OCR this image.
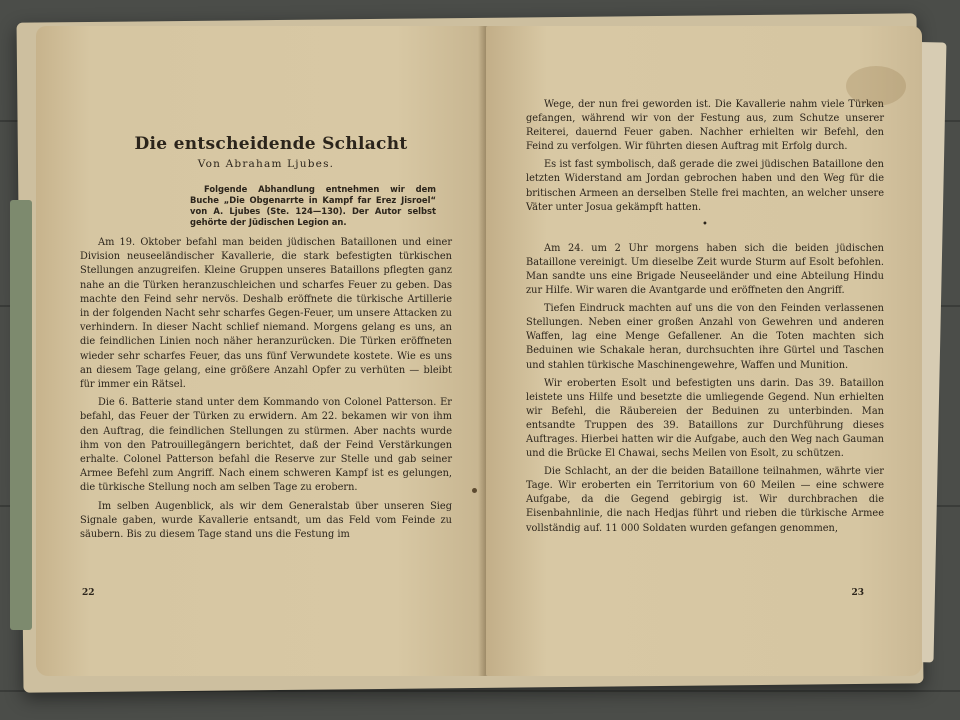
Die entscheidende Schlacht
Von Abraham Ljubes.

Folgende Abhandlung entnehmen wir dem Buche „Die Obgenarrte in Kampf far Erez Jisroel“ von A. Ljubes (Ste. 124—130). Der Autor selbst gehörte der Jüdischen Legion an.

Am 19. Oktober befahl man beiden jüdischen Bataillonen und einer Division neuseeländischer Kavallerie, die stark befestigten türkischen Stellungen anzugreifen. Kleine Gruppen unseres Bataillons pflegten ganz nahe an die Türken heranzuschleichen und scharfes Feuer zu geben. Das machte den Feind sehr nervös. Deshalb eröffnete die türkische Artillerie in der folgenden Nacht sehr scharfes Gegen-Feuer, um unsere Attacken zu verhindern. In dieser Nacht schlief niemand. Morgens gelang es uns, an die feindlichen Linien noch näher heranzurücken. Die Türken eröffneten wieder sehr scharfes Feuer, das uns fünf Verwundete kostete. Wie es uns an diesem Tage gelang, eine größere Anzahl Opfer zu verhüten — bleibt für immer ein Rätsel.

Die 6. Batterie stand unter dem Kommando von Colonel Patterson. Er befahl, das Feuer der Türken zu erwidern. Am 22. bekamen wir von ihm den Auftrag, die feindlichen Stellungen zu stürmen. Aber nachts wurde ihm von den Patrouillegängern berichtet, daß der Feind Verstärkungen erhalte. Colonel Patterson befahl die Reserve zur Stelle und gab seiner Armee Befehl zum Angriff. Nach einem schweren Kampf ist es gelungen, die türkische Stellung noch am selben Tage zu erobern.

Im selben Augenblick, als wir dem Generalstab über unseren Sieg Signale gaben, wurde Kavallerie entsandt, um das Feld vom Feinde zu säubern. Bis zu diesem Tage stand uns die Festung im

22

Wege, der nun frei geworden ist. Die Kavallerie nahm viele Türken gefangen, während wir von der Festung aus, zum Schutze unserer Reiterei, dauernd Feuer gaben. Nachher erhielten wir Befehl, den Feind zu verfolgen. Wir führten diesen Auftrag mit Erfolg durch.

Es ist fast symbolisch, daß gerade die zwei jüdischen Bataillone den letzten Widerstand am Jordan gebrochen haben und den Weg für die britischen Armeen an derselben Stelle frei machten, an welcher unsere Väter unter Josua gekämpft hatten.

•

Am 24. um 2 Uhr morgens haben sich die beiden jüdischen Bataillone vereinigt. Um dieselbe Zeit wurde Sturm auf Esolt befohlen. Man sandte uns eine Brigade Neuseeländer und eine Abteilung Hindu zur Hilfe. Wir waren die Avantgarde und eröffneten den Angriff.

Tiefen Eindruck machten auf uns die von den Feinden verlassenen Stellungen. Neben einer großen Anzahl von Gewehren und anderen Waffen, lag eine Menge Gefallener. An die Toten machten sich Beduinen wie Schakale heran, durchsuchten ihre Gürtel und Taschen und stahlen türkische Maschinengewehre, Waffen und Munition.

Wir eroberten Esolt und befestigten uns darin. Das 39. Bataillon leistete uns Hilfe und besetzte die umliegende Gegend. Nun erhielten wir Befehl, die Räubereien der Beduinen zu unterbinden. Man entsandte Truppen des 39. Bataillons zur Durchführung dieses Auftrages. Hierbei hatten wir die Aufgabe, auch den Weg nach Gauman und die Brücke El Chawai, sechs Meilen von Esolt, zu schützen.

Die Schlacht, an der die beiden Bataillone teilnahmen, währte vier Tage. Wir eroberten ein Territorium von 60 Meilen — eine schwere Aufgabe, da die Gegend gebirgig ist. Wir durchbrachen die Eisenbahnlinie, die nach Hedjas führt und rieben die türkische Armee vollständig auf. 11 000 Soldaten wurden gefangen genommen,

23
